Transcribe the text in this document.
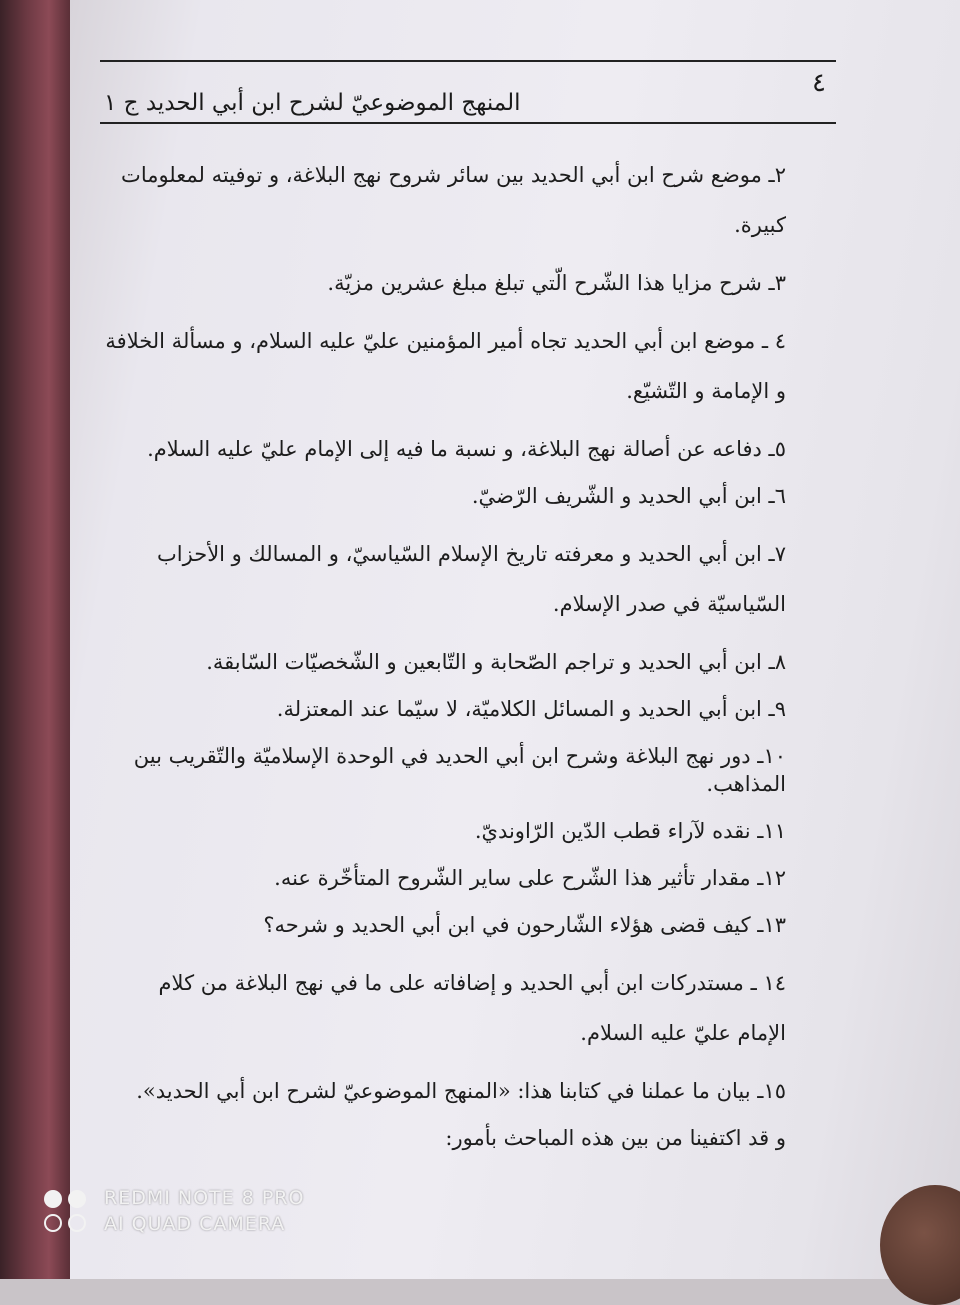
٤
المنهج الموضوعيّ لشرح ابن أبي الحديد ج ١

٢ـ موضع شرح ابن أبي الحديد بين سائر شروح نهج البلاغة، و توفيته لمعلومات كبيرة.

٣ـ شرح مزايا هذا الشّرح الّتي تبلغ مبلغ عشرين مزيّة.

٤ ـ موضع ابن أبي الحديد تجاه أمير المؤمنين عليّ عليه السلام، و مسألة الخلافة و الإمامة و التّشيّع.

٥ـ دفاعه عن أصالة نهج البلاغة، و نسبة ما فيه إلى الإمام عليّ عليه السلام.

٦ـ ابن أبي الحديد و الشّريف الرّضيّ.

٧ـ ابن أبي الحديد و معرفته تاريخ الإسلام السّياسيّ، و المسالك و الأحزاب السّياسيّة في صدر الإسلام.

٨ـ ابن أبي الحديد و تراجم الصّحابة و التّابعين و الشّخصيّات السّابقة.

٩ـ ابن أبي الحديد و المسائل الكلاميّة، لا سيّما عند المعتزلة.

١٠ـ دور نهج البلاغة وشرح ابن أبي الحديد في الوحدة الإسلاميّة والتّقريب بين المذاهب.

١١ـ نقده لآراء قطب الدّين الرّاونديّ.

١٢ـ مقدار تأثير هذا الشّرح على ساير الشّروح المتأخّرة عنه.

١٣ـ كيف قضى هؤلاء الشّارحون في ابن أبي الحديد و شرحه؟

١٤ ـ مستدركات ابن أبي الحديد و إضافاته على ما في نهج البلاغة من كلام الإمام عليّ عليه السلام.

١٥ـ بيان ما عملنا في كتابنا هذا: «المنهج الموضوعيّ لشرح ابن أبي الحديد».

و قد اكتفينا من بين هذه المباحث بأمور:

REDMI NOTE 8 PRO
AI QUAD CAMERA
